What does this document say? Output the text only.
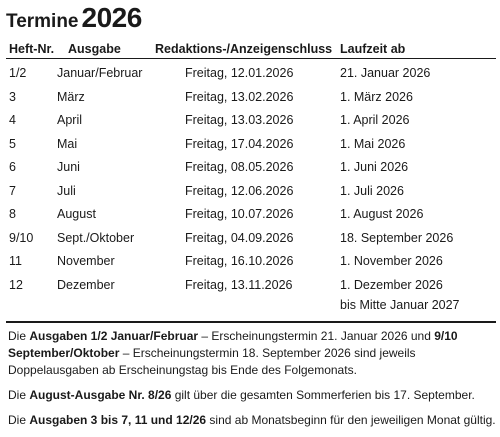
Termine 2026
Heft-Nr. Ausgabe	Redaktions-/Anzeigenschluss Laufzeit ab
1/2 Januar/Februar	Freitag, 12.01.2026	21. Januar 2026
3	März	Freitag, 13.02.2026	1. März 2026
4	April	Freitag, 13.03.2026	1. April 2026
5	Mai	Freitag, 17.04.2026	1. Mai 2026
6	Juni	Freitag, 08.05.2026	1. Juni 2026
7	Juli	Freitag, 12.06.2026	1. Juli 2026
8	August	Freitag, 10.07.2026	1. August 2026
9/10 Sept./Oktober	Freitag, 04.09.2026	18. September 2026
11	November	Freitag, 16.10.2026	1. November 2026
12	Dezember	Freitag, 13.11.2026	1. Dezember 2026
bis Mitte Januar 2027

Die Ausgaben 1/2 Januar/Februar – Erscheinungstermin 21. Januar 2026 und 9/10 September/Oktober – Erscheinungstermin 18. September 2026 sind jeweils Doppelausgaben ab Erscheinungstag bis Ende des Folgemonats.

Die August-Ausgabe Nr. 8/26 gilt über die gesamten Sommerferien bis 17. September.

Die Ausgaben 3 bis 7, 11 und 12/26 sind ab Monatsbeginn für den jeweiligen Monat gültig.
